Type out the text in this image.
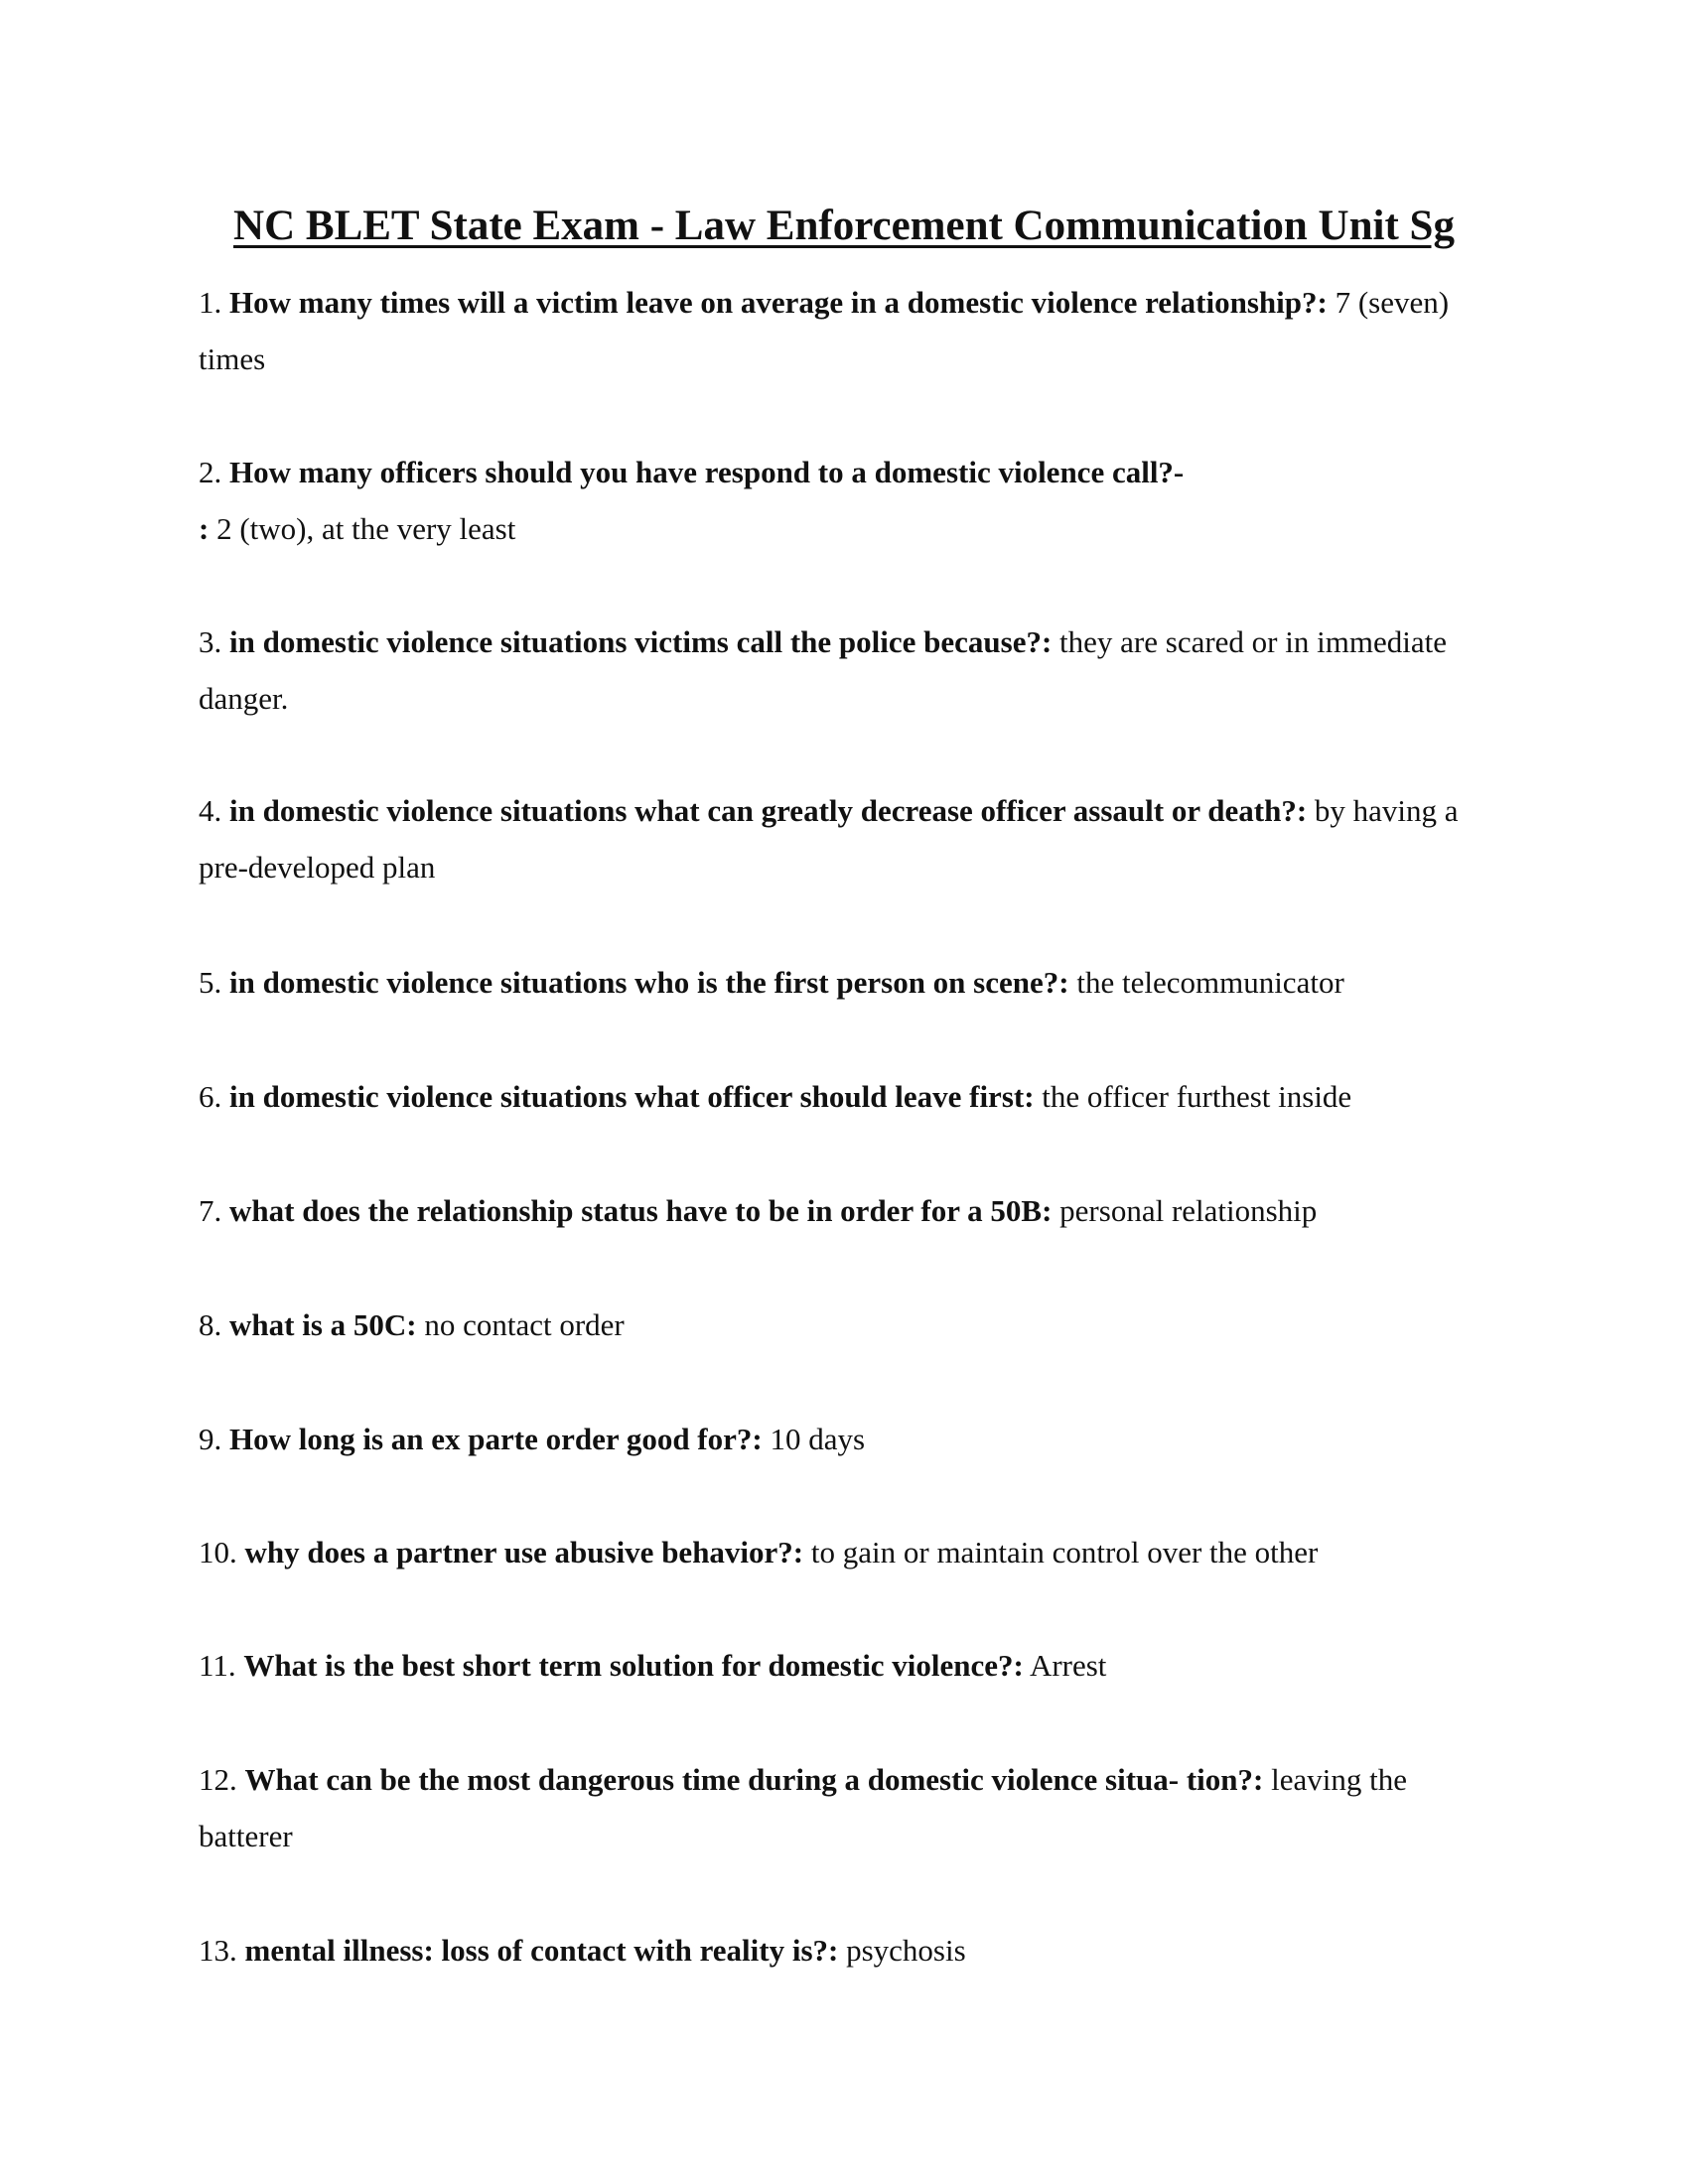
NC BLET State Exam - Law Enforcement Communication Unit Sg

1. How many times will a victim leave on average in a domestic violence relationship?: 7 (seven) times

2. How many officers should you have respond to a domestic violence call?-
: 2 (two), at the very least

3. in domestic violence situations victims call the police because?: they are scared or in immediate danger.

4. in domestic violence situations what can greatly decrease officer assault or death?: by having a pre-developed plan

5. in domestic violence situations who is the first person on scene?: the telecommunicator

6. in domestic violence situations what officer should leave first: the officer furthest inside

7. what does the relationship status have to be in order for a 50B: personal relationship

8. what is a 50C: no contact order

9. How long is an ex parte order good for?: 10 days

10. why does a partner use abusive behavior?: to gain or maintain control over the other

11. What is the best short term solution for domestic violence?: Arrest

12. What can be the most dangerous time during a domestic violence situa- tion?: leaving the batterer

13. mental illness: loss of contact with reality is?: psychosis
